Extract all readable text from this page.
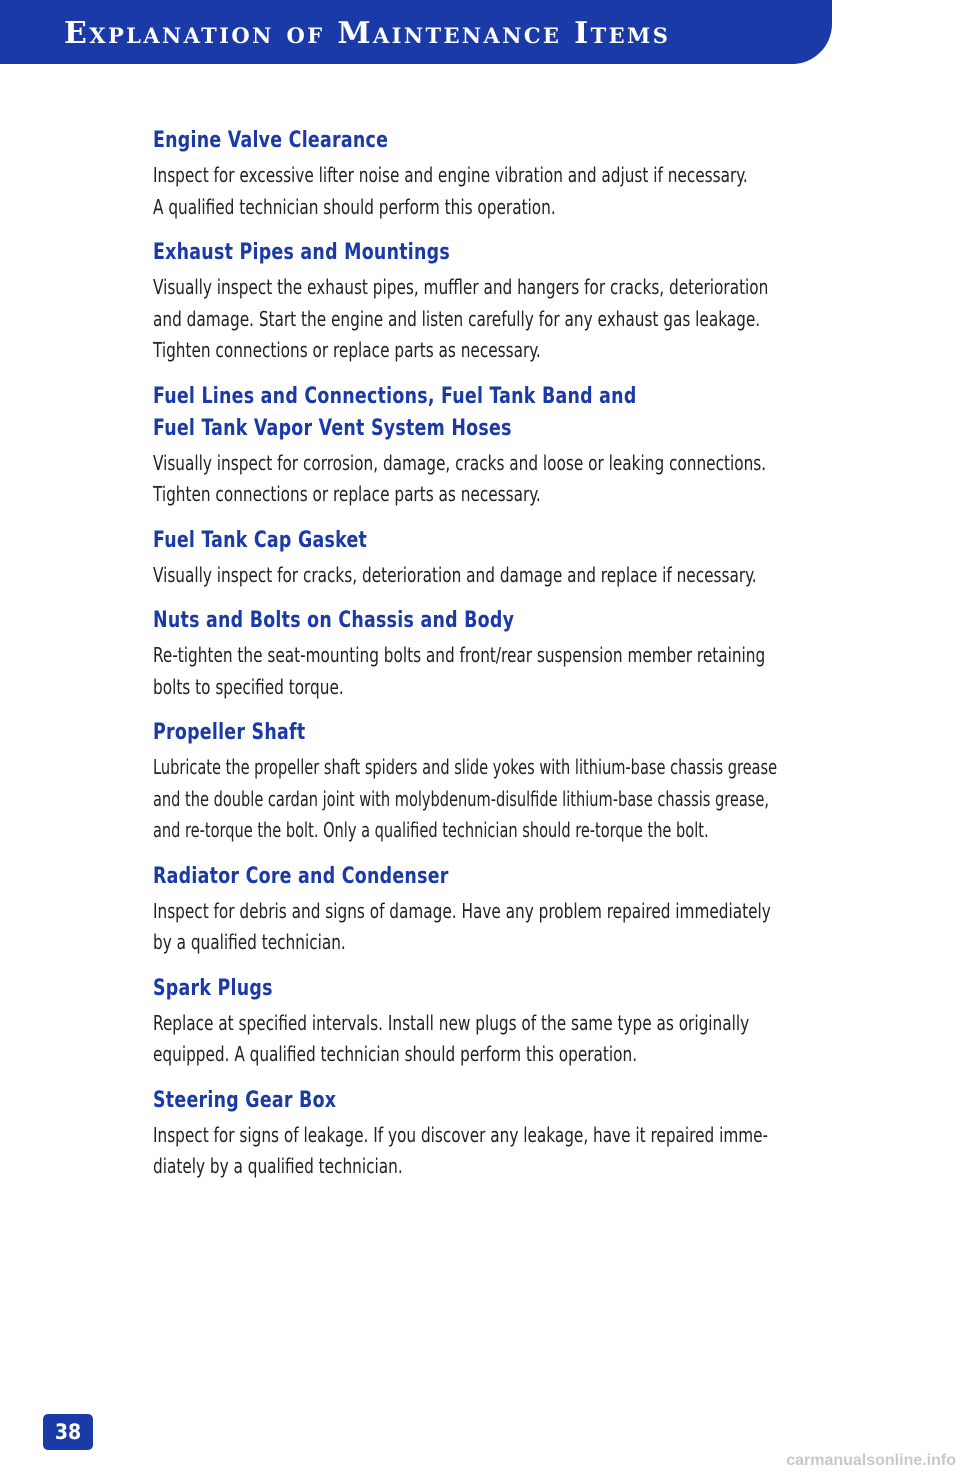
Explanation of Maintenance Items
Engine Valve Clearance
Inspect for excessive lifter noise and engine vibration and adjust if necessary.
A qualified technician should perform this operation.
Exhaust Pipes and Mountings
Visually inspect the exhaust pipes, muffler and hangers for cracks, deterioration
and damage. Start the engine and listen carefully for any exhaust gas leakage.
Tighten connections or replace parts as necessary.
Fuel Lines and Connections, Fuel Tank Band and
Fuel Tank Vapor Vent System Hoses
Visually inspect for corrosion, damage, cracks and loose or leaking connections.
Tighten connections or replace parts as necessary.
Fuel Tank Cap Gasket
Visually inspect for cracks, deterioration and damage and replace if necessary.
Nuts and Bolts on Chassis and Body
Re-tighten the seat-mounting bolts and front/rear suspension member retaining
bolts to specified torque.
Propeller Shaft
Lubricate the propeller shaft spiders and slide yokes with lithium-base chassis grease
and the double cardan joint with molybdenum-disulfide lithium-base chassis grease,
and re-torque the bolt. Only a qualified technician should re-torque the bolt.
Radiator Core and Condenser
Inspect for debris and signs of damage. Have any problem repaired immediately
by a qualified technician.
Spark Plugs
Replace at specified intervals. Install new plugs of the same type as originally
equipped. A qualified technician should perform this operation.
Steering Gear Box
Inspect for signs of leakage. If you discover any leakage, have it repaired imme-
diately by a qualified technician.
38
carmanualsonline.info
